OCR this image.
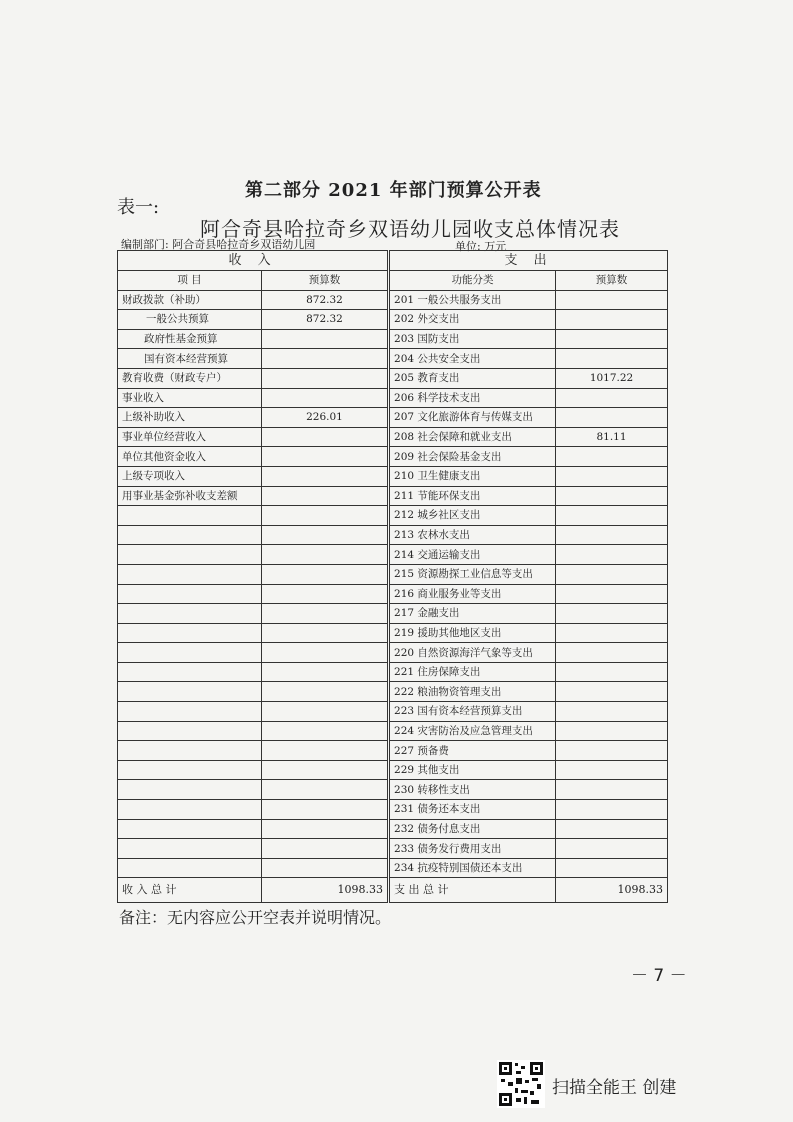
第二部分 2021 年部门预算公开表
表一:
阿合奇县哈拉奇乡双语幼儿园收支总体情况表
编制部门: 阿合奇县哈拉奇乡双语幼儿园	单位: 万元
收 入		支 出	
项 目	预算数	功能分类	预算数
财政拨款（补助）	872.32	201 一般公共服务支出	
一般公共预算	872.32	202 外交支出	
政府性基金预算		203 国防支出	
国有资本经营预算		204 公共安全支出	
教育收费（财政专户）		205 教育支出	1017.22
事业收入		206 科学技术支出	
上级补助收入	226.01	207 文化旅游体育与传媒支出	
事业单位经营收入		208 社会保障和就业支出	81.11
单位其他资金收入		209 社会保险基金支出	
上级专项收入		210 卫生健康支出	
用事业基金弥补收支差额		211 节能环保支出	
		212 城乡社区支出	
		213 农林水支出	
		214 交通运输支出	
		215 资源勘探工业信息等支出	
		216 商业服务业等支出	
		217 金融支出	
		219 援助其他地区支出	
		220 自然资源海洋气象等支出	
		221 住房保障支出	
		222 粮油物资管理支出	
		223 国有资本经营预算支出	
		224 灾害防治及应急管理支出	
		227 预备费	
		229 其他支出	
		230 转移性支出	
		231 债务还本支出	
		232 债务付息支出	
		233 债务发行费用支出	
		234 抗疫特别国债还本支出	
收 入 总 计	1098.33	支 出 总 计	1098.33
备注：无内容应公开空表并说明情况。
－ 7 －
扫描全能王 创建
